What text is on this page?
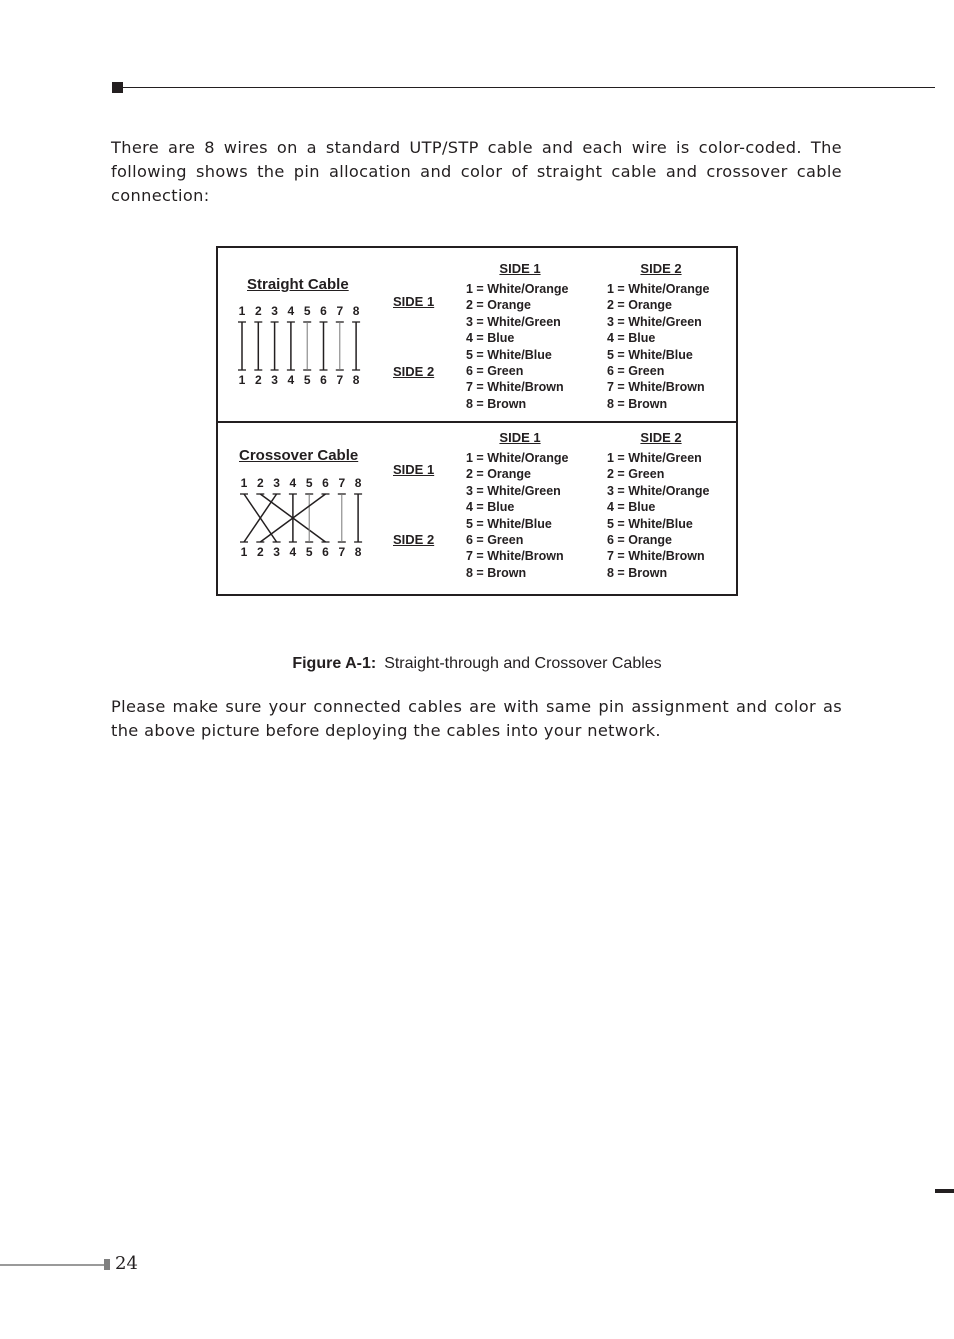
There are 8 wires on a standard UTP/STP cable and each wire is color-coded. The following shows the pin allocation and color of straight cable and crossover cable connection:

Straight Cable
1 2 3 4 5 6 7 8
1 2 3 4 5 6 7 8
SIDE 1
SIDE 2
SIDE 1	SIDE 2
1 = White/Orange
2 = Orange
3 = White/Green
4 = Blue
5 = White/Blue
6 = Green
7 = White/Brown
8 = Brown
1 = White/Orange
2 = Orange
3 = White/Green
4 = Blue
5 = White/Blue
6 = Green
7 = White/Brown
8 = Brown
Crossover Cable
1 2 3 4 5 6 7 8
1 2 3 4 5 6 7 8
SIDE 1
SIDE 2
SIDE 1	SIDE 2
1 = White/Orange
2 = Orange
3 = White/Green
4 = Blue
5 = White/Blue
6 = Green
7 = White/Brown
8 = Brown
1 = White/Green
2 = Green
3 = White/Orange
4 = Blue
5 = White/Blue
6 = Orange
7 = White/Brown
8 = Brown
Figure A-1: Straight-through and Crossover Cables

Please make sure your connected cables are with same pin assignment and color as the above picture before deploying the cables into your network.

24
